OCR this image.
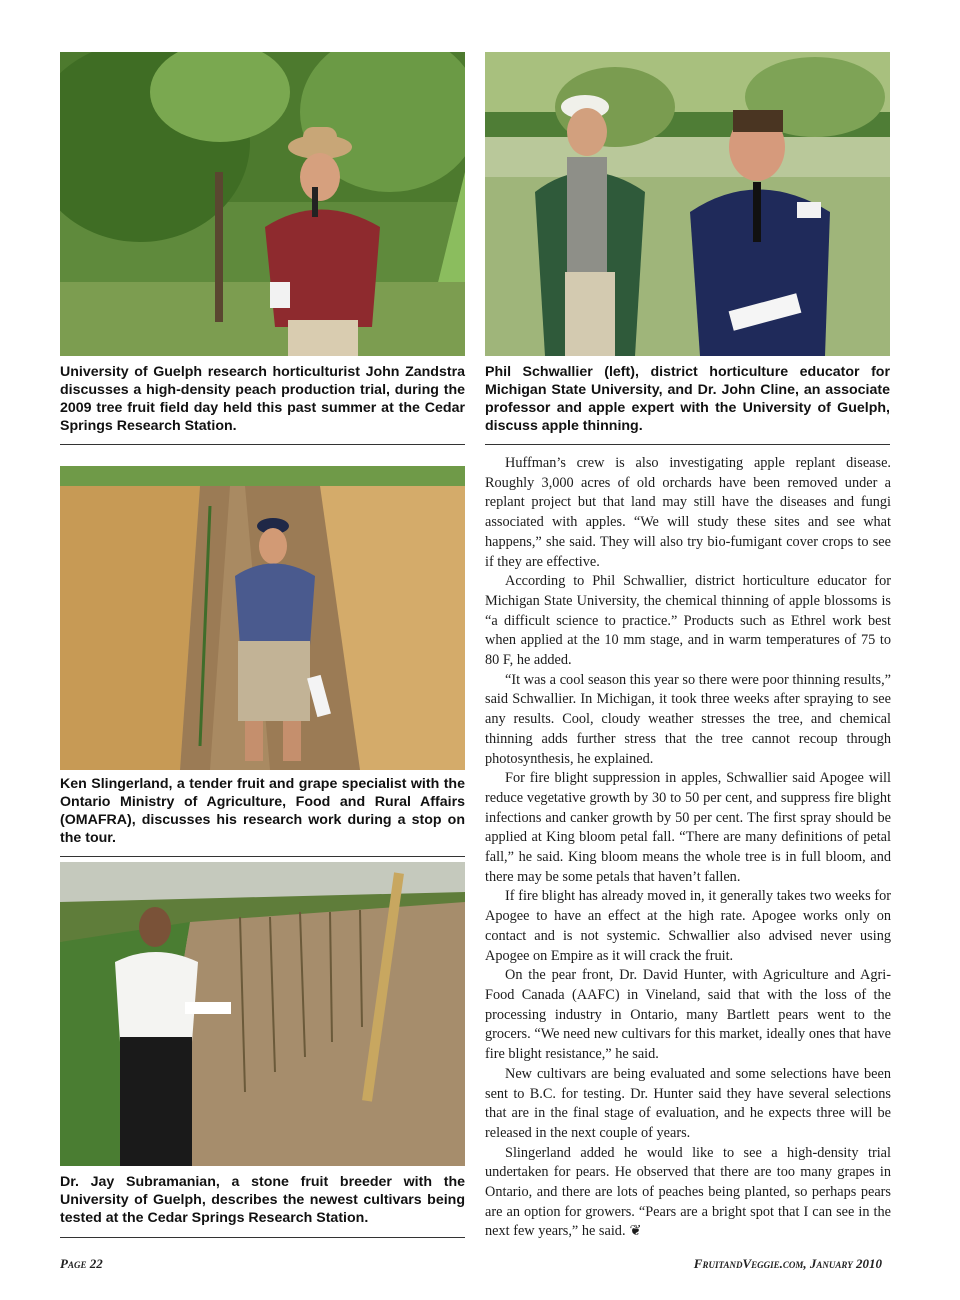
University of Guelph research horticulturist John Zandstra discusses a high-density peach production trial, during the 2009 tree fruit field day held this past summer at the Cedar Springs Research Station.
Phil Schwallier (left), district horticulture educator for Michigan State University, and Dr. John Cline, an associate professor and apple expert with the University of Guelph, discuss apple thinning.
Ken Slingerland, a tender fruit and grape specialist with the Ontario Ministry of Agriculture, Food and Rural Affairs (OMAFRA), discusses his research work during a stop on the tour.
Dr. Jay Subramanian, a stone fruit breeder with the University of Guelph, describes the newest cultivars being tested at the Cedar Springs Research Station.

Huffman’s crew is also investigating apple replant disease. Roughly 3,000 acres of old orchards have been removed under a replant project but that land may still have the diseases and fungi associated with apples. “We will study these sites and see what happens,” she said. They will also try bio-fumigant cover crops to see if they are effective.

According to Phil Schwallier, district horticulture educator for Michigan State University, the chemical thinning of apple blossoms is “a difficult science to practice.” Products such as Ethrel work best when applied at the 10 mm stage, and in warm temperatures of 75 to 80 F, he added.

“It was a cool season this year so there were poor thinning results,” said Schwallier. In Michigan, it took three weeks after spraying to see any results. Cool, cloudy weather stresses the tree, and chemical thinning adds further stress that the tree cannot recoup through photosynthesis, he explained.

For fire blight suppression in apples, Schwallier said Apogee will reduce vegetative growth by 30 to 50 per cent, and suppress fire blight infections and canker growth by 50 per cent. The first spray should be applied at King bloom petal fall. “There are many definitions of petal fall,” he said. King bloom means the whole tree is in full bloom, and there may be some petals that haven’t fallen.

If fire blight has already moved in, it generally takes two weeks for Apogee to have an effect at the high rate. Apogee works only on contact and is not systemic. Schwallier also advised never using Apogee on Empire as it will crack the fruit.

On the pear front, Dr. David Hunter, with Agriculture and Agri-Food Canada (AAFC) in Vineland, said that with the loss of the processing industry in Ontario, many Bartlett pears went to the grocers. “We need new cultivars for this market, ideally ones that have fire blight resistance,” he said.

New cultivars are being evaluated and some selections have been sent to B.C. for testing. Dr. Hunter said they have several selections that are in the final stage of evaluation, and he expects three will be released in the next couple of years.

Slingerland added he would like to see a high-density trial undertaken for pears. He observed that there are too many grapes in Ontario, and there are lots of peaches being planted, so perhaps pears are an option for growers. “Pears are a bright spot that I can see in the next few years,” he said. ❦

Page 22	FruitandVeggie.com, January 2010
